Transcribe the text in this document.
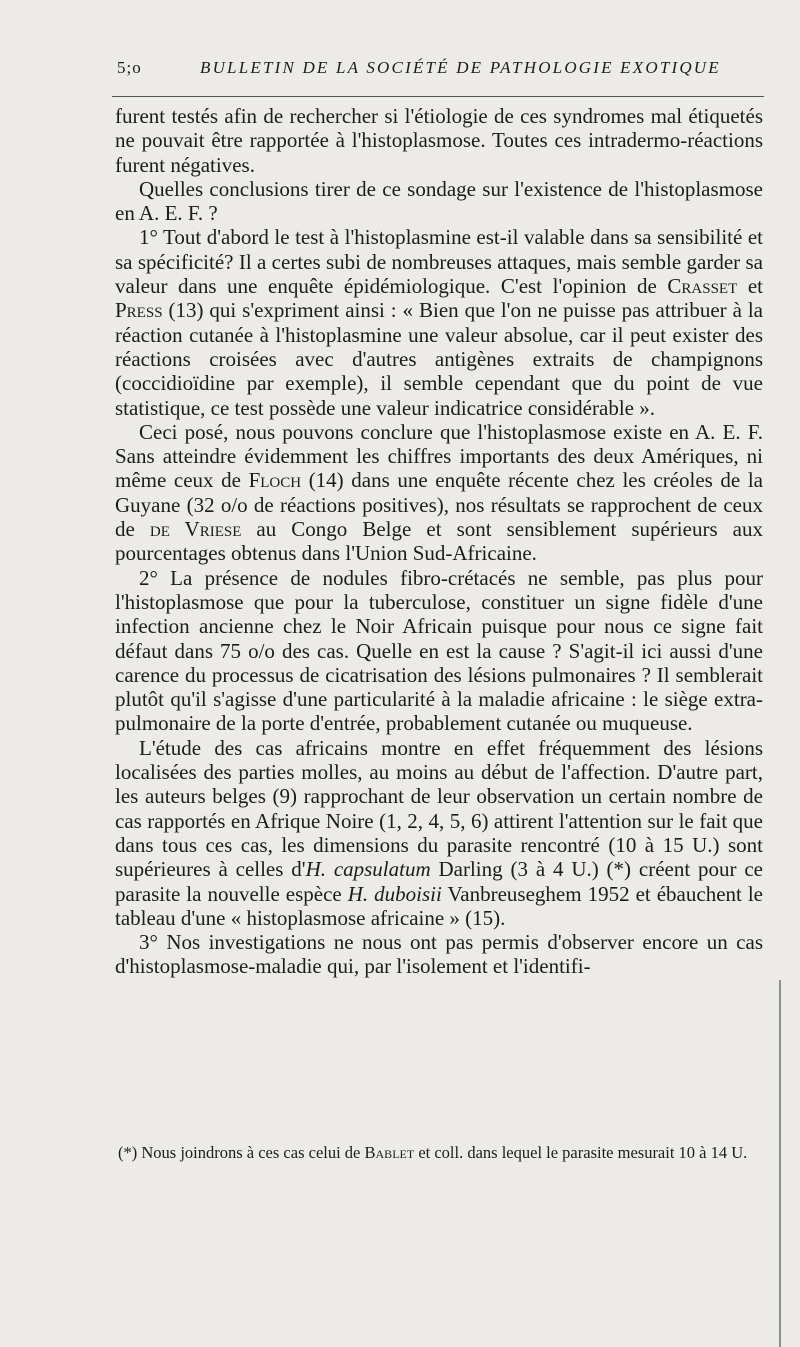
5;o	BULLETIN DE LA SOCIÉTÉ DE PATHOLOGIE EXOTIQUE

furent testés afin de rechercher si l'étiologie de ces syndromes mal étiquetés ne pouvait être rapportée à l'histoplasmose. Toutes ces intradermo-réactions furent négatives.

Quelles conclusions tirer de ce sondage sur l'existence de l'histoplasmose en A. E. F. ?

1° Tout d'abord le test à l'histoplasmine est-il valable dans sa sensibilité et sa spécificité? Il a certes subi de nombreuses attaques, mais semble garder sa valeur dans une enquête épidémiologique. C'est l'opinion de Crasset et Press (13) qui s'expriment ainsi : « Bien que l'on ne puisse pas attribuer à la réaction cutanée à l'histoplasmine une valeur absolue, car il peut exister des réactions croisées avec d'autres antigènes extraits de champignons (coccidioïdine par exemple), il semble cependant que du point de vue statistique, ce test possède une valeur indicatrice considérable ».

Ceci posé, nous pouvons conclure que l'histoplasmose existe en A. E. F. Sans atteindre évidemment les chiffres importants des deux Amériques, ni même ceux de Floch (14) dans une enquête récente chez les créoles de la Guyane (32 o/o de réactions positives), nos résultats se rapprochent de ceux de de Vriese au Congo Belge et sont sensiblement supérieurs aux pourcentages obtenus dans l'Union Sud-Africaine.

2° La présence de nodules fibro-crétacés ne semble, pas plus pour l'histoplasmose que pour la tuberculose, constituer un signe fidèle d'une infection ancienne chez le Noir Africain puisque pour nous ce signe fait défaut dans 75 o/o des cas. Quelle en est la cause ? S'agit-il ici aussi d'une carence du processus de cicatrisation des lésions pulmonaires ? Il semblerait plutôt qu'il s'agisse d'une particularité à la maladie africaine : le siège extra-pulmonaire de la porte d'entrée, probablement cutanée ou muqueuse.

L'étude des cas africains montre en effet fréquemment des lésions localisées des parties molles, au moins au début de l'affection. D'autre part, les auteurs belges (9) rapprochant de leur observation un certain nombre de cas rapportés en Afrique Noire (1, 2, 4, 5, 6) attirent l'attention sur le fait que dans tous ces cas, les dimensions du parasite rencontré (10 à 15 U.) sont supérieures à celles d'H. capsulatum Darling (3 à 4 U.) (*) créent pour ce parasite la nouvelle espèce H. duboisii Vanbreuseghem 1952 et ébauchent le tableau d'une « histoplasmose africaine » (15).

3° Nos investigations ne nous ont pas permis d'observer encore un cas d'histoplasmose-maladie qui, par l'isolement et l'identifi-

(*) Nous joindrons à ces cas celui de Bablet et coll. dans lequel le parasite mesurait 10 à 14 U.
